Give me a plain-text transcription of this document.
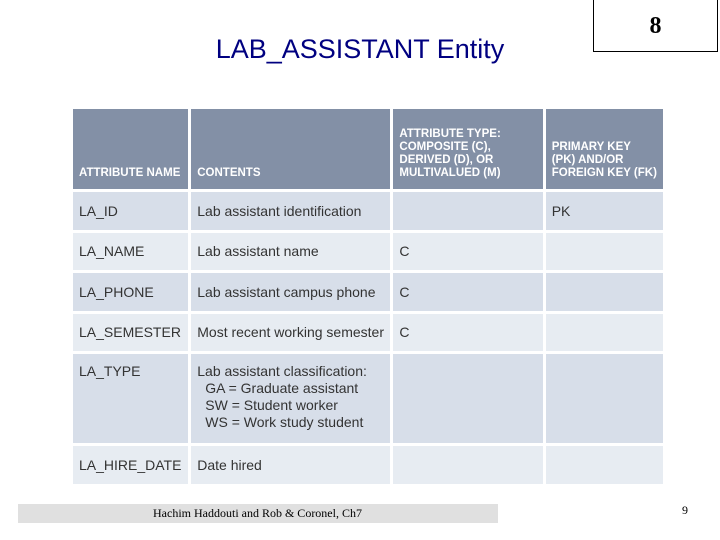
LAB_ASSISTANT Entity
8
ATTRIBUTE NAME	CONTENTS	ATTRIBUTE TYPE: COMPOSITE (C), DERIVED (D), OR MULTIVALUED (M)	PRIMARY KEY (PK) AND/OR FOREIGN KEY (FK)
LA_ID	Lab assistant identification		PK
LA_NAME	Lab assistant name	C	
LA_PHONE	Lab assistant campus phone	C	
LA_SEMESTER	Most recent working semester	C	
LA_TYPE	Lab assistant classification:
GA = Graduate assistant
SW = Student worker
WS = Work study student		

LA_HIRE_DATE	Date hired		
Hachim Haddouti and Rob & Coronel, Ch7	9
